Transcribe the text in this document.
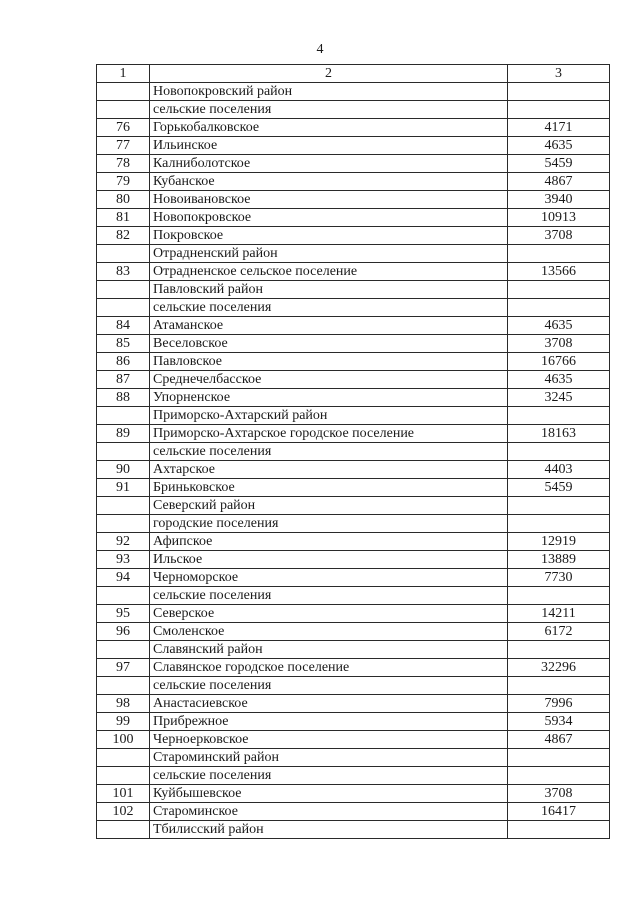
4
1	2	3
	Новопокровский район	
	сельские поселения	
76	Горькобалковское	4171
77	Ильинское	4635
78	Калниболотское	5459
79	Кубанское	4867
80	Новоивановское	3940
81	Новопокровское	10913
82	Покровское	3708
	Отрадненский район	
83	Отрадненское сельское поселение	13566
	Павловский район	
	сельские поселения	
84	Атаманское	4635
85	Веселовское	3708
86	Павловское	16766
87	Среднечелбасское	4635
88	Упорненское	3245
	Приморско-Ахтарский район	
89	Приморско-Ахтарское городское поселение	18163
	сельские поселения	
90	Ахтарское	4403
91	Бриньковское	5459
	Северский район	
	городские поселения	
92	Афипское	12919
93	Ильское	13889
94	Черноморское	7730
	сельские поселения	
95	Северское	14211
96	Смоленское	6172
	Славянский район	
97	Славянское городское поселение	32296
	сельские поселения	
98	Анастасиевское	7996
99	Прибрежное	5934
100	Черноерковское	4867
	Староминский район	
	сельские поселения	
101	Куйбышевское	3708
102	Староминское	16417
	Тбилисский район	
